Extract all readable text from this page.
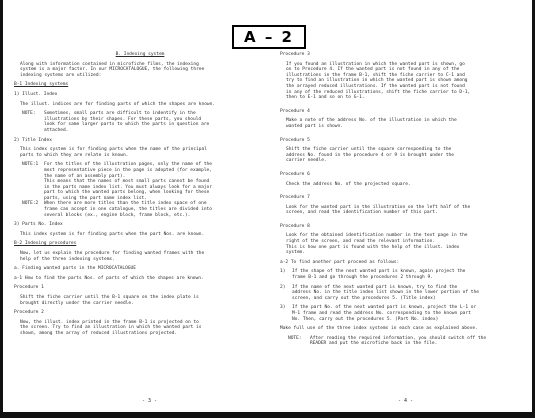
A – 2
B. Indexing system
Along with information contained in microfiche films, the indexing
system is a major factor. In our MICROCATALOGUE, the following three
indexing systems are utilized:
B-1 Indexing systems
1) Illust. Index
The illust. indices are for finding parts of which the shapes are known.
NOTE:	Sometimes, small parts are difficult to indentify in the
illustrations by their shapes. For these parts, you should
look for same larger parts to which the parts in question are
attached.
2) Title Index
This index system is for finding parts when the name of the principal
parts to which they are relate is known.
NOTE:1	For the titles of the illustration pages, only the name of the
most representative piece in the page is adopted (for example,
the name of an assembly part).
This means that the names of most small parts cannot be found
in the parts name index list. You must always look for a major
part to which the wanted parts belong, when looking for these
parts, using the part name index list.
NOTE:2	When there are more titles than the title index space of one
frame can accept in one catalogue, the titles are divided into
several blocks (ex., engine block, frame block, etc.).
3) Parts No. Index
This index system is for finding parts when the part Nos. are known.
B-2 Indexing procedures
Now, let us explain the procedure for finding wanted frames with the
help of the three indexing systems.
a. Finding wanted parts in the MICROCATALOGUE
a-1 How to find the parts Nos. of parts of which the shapes are known.
Procedure 1
Shift the fiche carrier until the B-1 square on the index plate is
brought directly under the carrier needle.
Procedure 2
Now, the illust. index printed in the frame B-1 is projected on to
the screen. Try to find an illustration in which the wanted part is
shown, among the array of reduced illustrations projected.
- 3 -
Procedure 3
If you found an illustration in which the wanted part is shown, go
on to Procedure 4. If the wanted part is not found in any of the
illustrations in the frame B-1, shift the fiche carrier to C-1 and
try to find an illustration in which the wanted part is shown among
the arrayed reduced illustrations. If the wanted part is not found
in any of the reduced illustrations, shift the fiche carrier to D-1,
then to E-1 and so on to G-1.
Procedure 4
Make a note of the address No. of the illustration in which the
wanted part is shown.
Procedure 5
Shift the fiche carrier until the square corresponding to the
address No. found in the procedure 4 or 9 is brought under the
carrier needle.
Procedure 6
Check the address No. of the projected square.
Procedure 7
Look for the wanted part in the illustration on the left half of the
screen, and read the identification number of this part.
Procedure 8
Look for the obtained identification number in the text page in the
right of the screen, and read the relevant information.
This is how one part is found with the help of the illust. index
system.
a-2 To find another part proceed as follows:
1)	If the shape of the next wanted part is known, again project the
frame B-1 and go through the procedures 2 through 9.
2)	If the name of the next wanted part is known, try to find the
address No. in the title index list shown in the lower portion of the
screen, and carry out the procedures 5. (Title index)
3)	If the part No. of the next wanted part is known, project the L-1 or
M-1 frame and read the address No. corresponding to the known part
No. Then, carry out the procedures 5. (Part No. index)
Make full use of the three index systems in each case as explained above.
NOTE:	After reading the required information, you should switch off the
READER and put the microfiche back in the file.
- 4 -
